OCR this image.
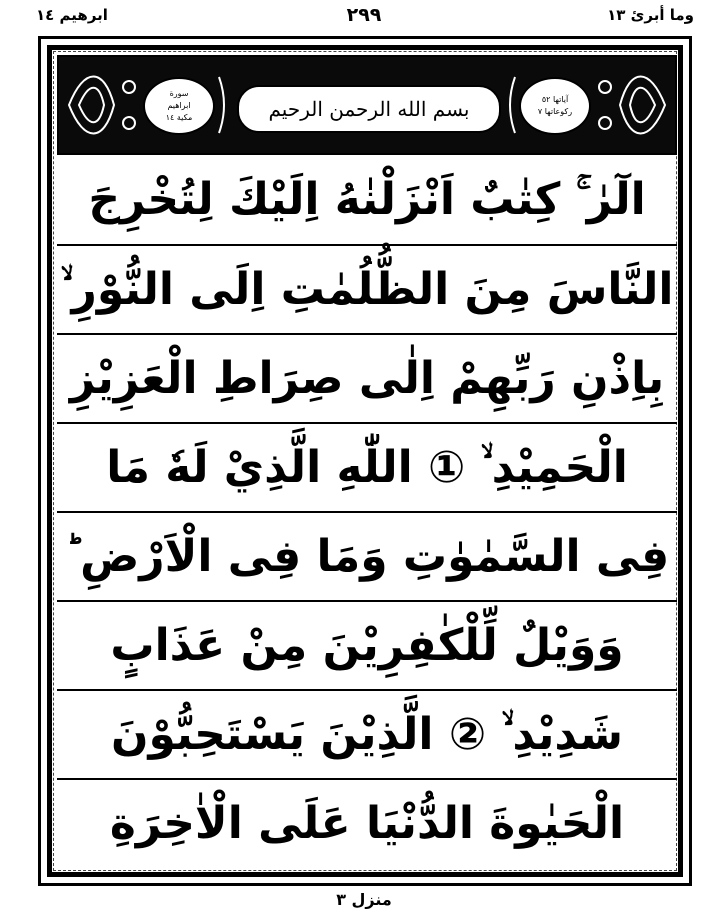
ابرھیم ١٤	٢٩٩	وما أبرئ ١٣
سورة
ابراھیم
مكية ١٤	بسم الله الرحمن الرحيم	آياتها ٥٢
ركوعاتها ٧
الٓرٰ ۚ كِتٰبٌ اَنْزَلْنٰهُ اِلَيْكَ لِتُخْرِجَ
النَّاسَ مِنَ الظُّلُمٰتِ اِلَى النُّوْرِ ۙ
بِاِذْنِ رَبِّهِمْ اِلٰى صِرَاطِ الْعَزِيْزِ
الْحَمِيْدِ ۙ ① اللّٰهِ الَّذِيْ لَهٗ مَا
فِى السَّمٰوٰتِ وَمَا فِى الْاَرْضِ ؕ
وَوَيْلٌ لِّلْكٰفِرِيْنَ مِنْ عَذَابٍ
شَدِيْدِ ۙ ② الَّذِيْنَ يَسْتَحِبُّوْنَ
الْحَيٰوةَ الدُّنْيَا عَلَى الْاٰخِرَةِ
منزل ٣
